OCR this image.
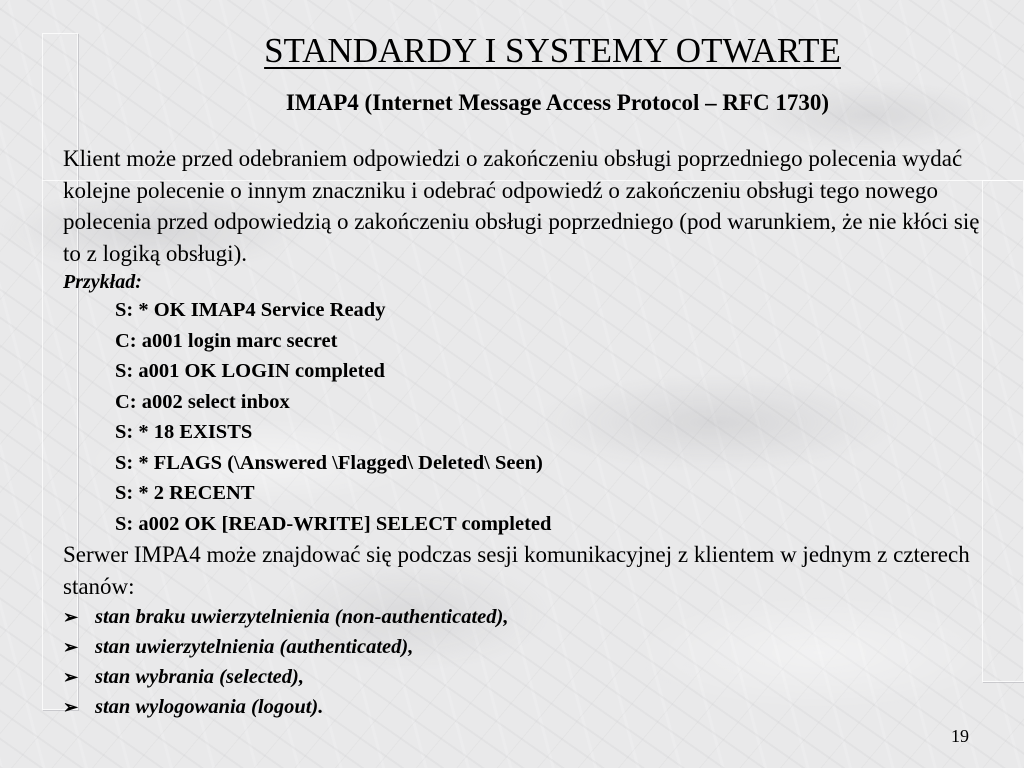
STANDARDY I SYSTEMY OTWARTE
IMAP4 (Internet Message Access Protocol – RFC 1730)

Klient może przed odebraniem odpowiedzi o zakończeniu obsługi poprzedniego polecenia wydać kolejne polecenie o innym znaczniku i odebrać odpowiedź o zakończeniu obsługi tego nowego polecenia przed odpowiedzią o zakończeniu obsługi poprzedniego (pod warunkiem, że nie kłóci się to z logiką obsługi).

Przykład:

S: * OK IMAP4 Service Ready

C: a001 login marc secret

S: a001 OK LOGIN completed

C: a002 select inbox

S: * 18 EXISTS

S: * FLAGS (\Answered \Flagged\ Deleted\ Seen)

S: * 2 RECENT

S: a002 OK [READ-WRITE] SELECT completed

Serwer IMPA4 może znajdować się podczas sesji komunikacyjnej z klientem w jednym z czterech stanów:

➢ stan braku uwierzytelnienia (non-authenticated),

➢ stan uwierzytelnienia (authenticated),

➢ stan wybrania (selected),

➢ stan wylogowania (logout).

19
